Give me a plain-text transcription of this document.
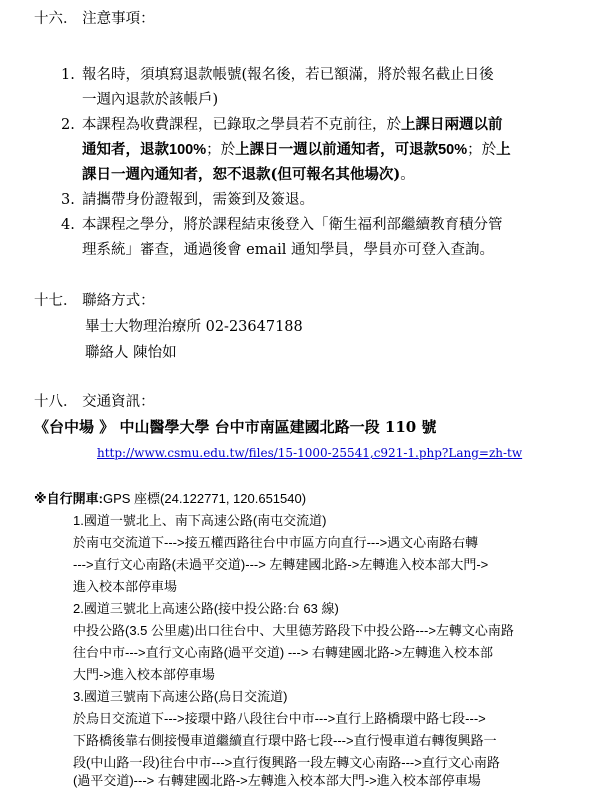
十六． 注意事項：
1. 報名時，須填寫退款帳號(報名後，若已額滿，將於報名截止日後
一週內退款於該帳戶)
2. 本課程為收費課程，已錄取之學員若不克前往，於上課日兩週以前
通知者，退款100%；於上課日一週以前通知者，可退款50%；於上
課日一週內通知者，恕不退款(但可報名其他場次)。
3. 請攜帶身份證報到，需簽到及簽退。
4. 本課程之學分，將於課程結束後登入「衛生福利部繼續教育積分管
理系統」審查，通過後會 email 通知學員，學員亦可登入查詢。
十七． 聯絡方式：
畢士大物理治療所 02-23647188
聯絡人 陳怡如
十八． 交通資訊：
《台中場 》 中山醫學大學 台中市南區建國北路一段 110 號
http://www.csmu.edu.tw/files/15-1000-25541,c921-1.php?Lang=zh-tw
※自行開車:GPS 座標(24.122771, 120.651540)
1.國道一號北上、南下高速公路(南屯交流道)
於南屯交流道下--->接五權西路往台中市區方向直行--->遇文心南路右轉
--->直行文心南路(未過平交道)---> 左轉建國北路->左轉進入校本部大門->
進入校本部停車場
2.國道三號北上高速公路(接中投公路:台 63 線)
中投公路(3.5 公里處)出口往台中、大里德芳路段下中投公路--->左轉文心南路
往台中市--->直行文心南路(過平交道) ---> 右轉建國北路->左轉進入校本部
大門->進入校本部停車場
3.國道三號南下高速公路(烏日交流道)
於烏日交流道下--->接環中路八段往台中市--->直行上路橋環中路七段--->
下路橋後靠右側接慢車道繼續直行環中路七段--->直行慢車道右轉復興路一
段(中山路一段)往台中市--->直行復興路一段左轉文心南路--->直行文心南路
(過平交道)---> 右轉建國北路->左轉進入校本部大門->進入校本部停車場
